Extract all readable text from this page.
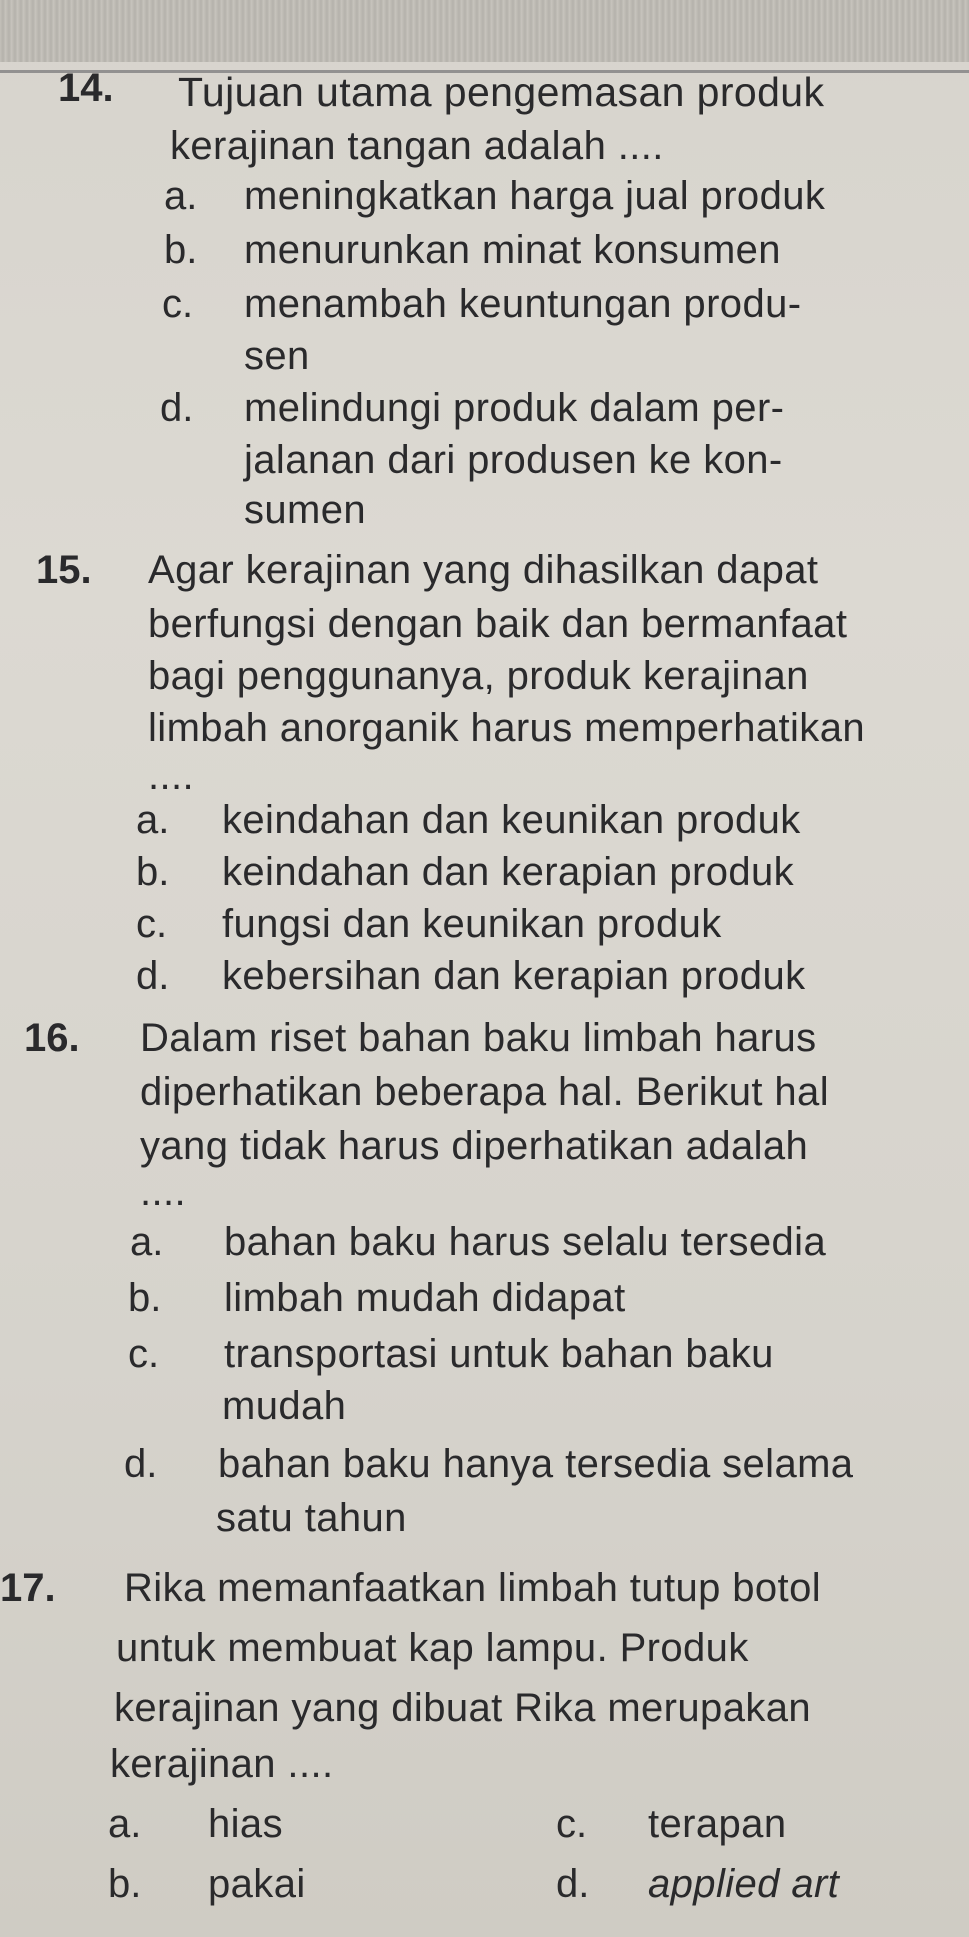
14. Tujuan utama pengemasan produk
kerajinan tangan adalah ....
a. meningkatkan harga jual produk
b. menurunkan minat konsumen
c. menambah keuntungan produ-
sen
d. melindungi produk dalam per-
jalanan dari produsen ke kon-
sumen
15. Agar kerajinan yang dihasilkan dapat
berfungsi dengan baik dan bermanfaat
bagi penggunanya, produk kerajinan
limbah anorganik harus memperhatikan
....
a. keindahan dan keunikan produk
b. keindahan dan kerapian produk
c. fungsi dan keunikan produk
d. kebersihan dan kerapian produk
16. Dalam riset bahan baku limbah harus
diperhatikan beberapa hal. Berikut hal
yang tidak harus diperhatikan adalah
....
a. bahan baku harus selalu tersedia
b. limbah mudah didapat
c. transportasi untuk bahan baku
mudah
d. bahan baku hanya tersedia selama
satu tahun
17. Rika memanfaatkan limbah tutup botol
untuk membuat kap lampu. Produk
kerajinan yang dibuat Rika merupakan
kerajinan ....
a. hias	c. terapan
b. pakai	d. applied art
